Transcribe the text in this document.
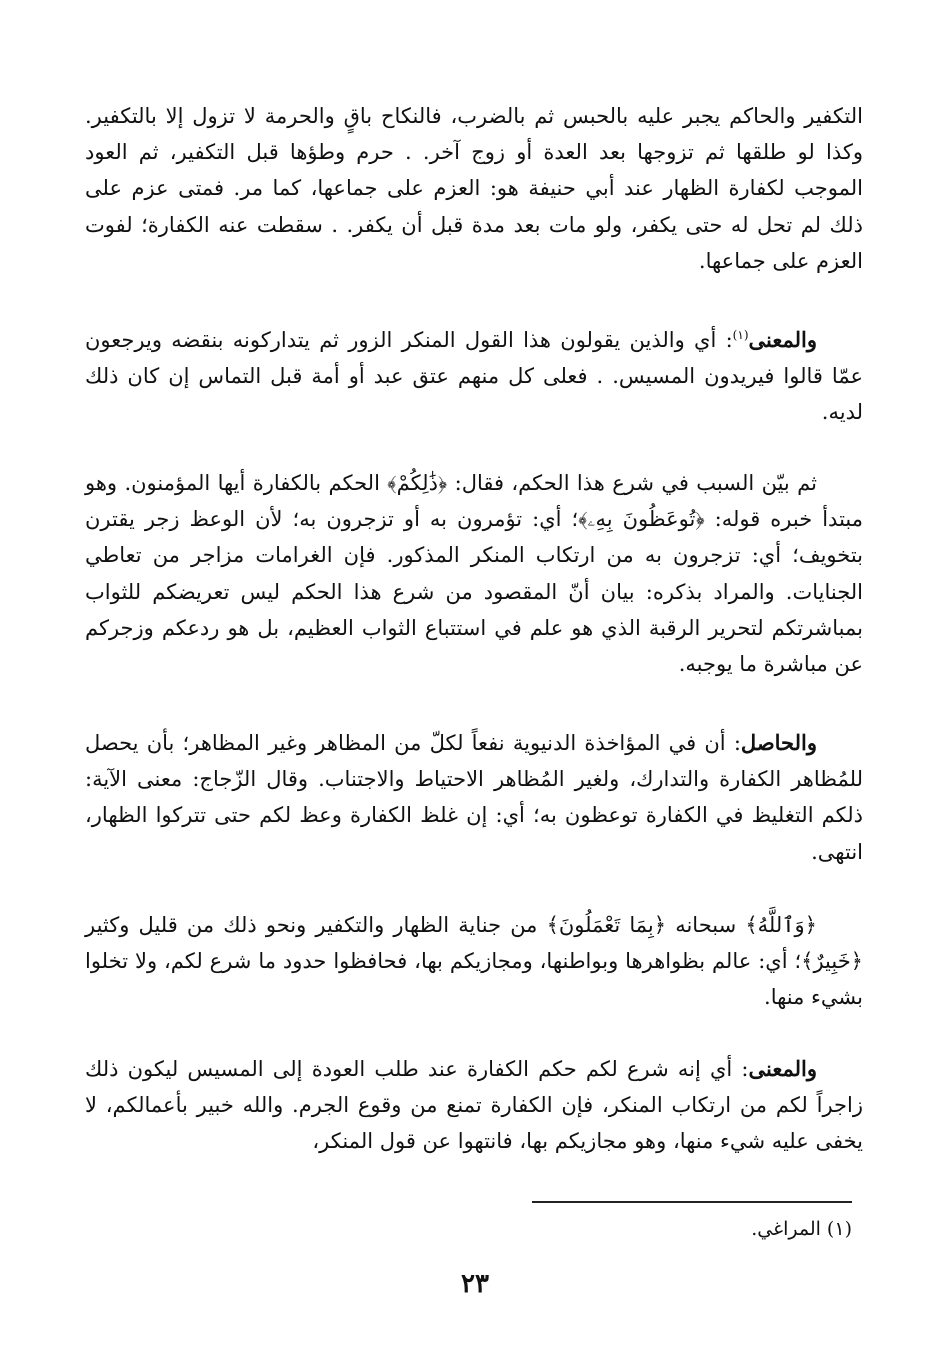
التكفير والحاكم يجبر عليه بالحبس ثم بالضرب، فالنكاح باقٍ والحرمة لا تزول إلا بالتكفير. وكذا لو طلقها ثم تزوجها بعد العدة أو زوج آخر. . حرم وطؤها قبل التكفير، ثم العود الموجب لكفارة الظهار عند أبي حنيفة هو: العزم على جماعها، كما مر. فمتى عزم على ذلك لم تحل له حتى يكفر، ولو مات بعد مدة قبل أن يكفر. . سقطت عنه الكفارة؛ لفوت العزم على جماعها.
والمعنى$^{(١)}$: أي والذين يقولون هذا القول المنكر الزور ثم يتداركونه بنقضه ويرجعون عمّا قالوا فيريدون المسيس. . فعلى كل منهم عتق عبد أو أمة قبل التماس إن كان ذلك لديه.
ثم بيّن السبب في شرع هذا الحكم، فقال: ﴿ذَٰلِكُمْ﴾ الحكم بالكفارة أيها المؤمنون. وهو مبتدأ خبره قوله: ﴿تُوعَظُونَ بِهِۦ﴾؛ أي: تؤمرون به أو تزجرون به؛ لأن الوعظ زجر يقترن بتخويف؛ أي: تزجرون به من ارتكاب المنكر المذكور. فإن الغرامات مزاجر من تعاطي الجنايات. والمراد بذكره: بيان أنّ المقصود من شرع هذا الحكم ليس تعريضكم للثواب بمباشرتكم لتحرير الرقبة الذي هو علم في استتباع الثواب العظيم، بل هو ردعكم وزجركم عن مباشرة ما يوجبه.
والحاصل: أن في المؤاخذة الدنيوية نفعاً لكلّ من المظاهر وغير المظاهر؛ بأن يحصل للمُظاهر الكفارة والتدارك، ولغير المُظاهر الاحتياط والاجتناب. وقال الزّجاج: معنى الآية: ذلكم التغليظ في الكفارة توعظون به؛ أي: إن غلظ الكفارة وعظ لكم حتى تتركوا الظهار، انتهى.
﴿وَٱللَّهُ﴾ سبحانه ﴿بِمَا تَعْمَلُونَ﴾ من جناية الظهار والتكفير ونحو ذلك من قليل وكثير ﴿خَبِيرٌ﴾؛ أي: عالم بظواهرها وبواطنها، ومجازيكم بها، فحافظوا حدود ما شرع لكم، ولا تخلوا بشيء منها.
والمعنى: أي إنه شرع لكم حكم الكفارة عند طلب العودة إلى المسيس ليكون ذلك زاجراً لكم من ارتكاب المنكر، فإن الكفارة تمنع من وقوع الجرم. والله خبير بأعمالكم، لا يخفى عليه شيء منها، وهو مجازيكم بها، فانتهوا عن قول المنكر،
(١) المراغي.
٢٣
